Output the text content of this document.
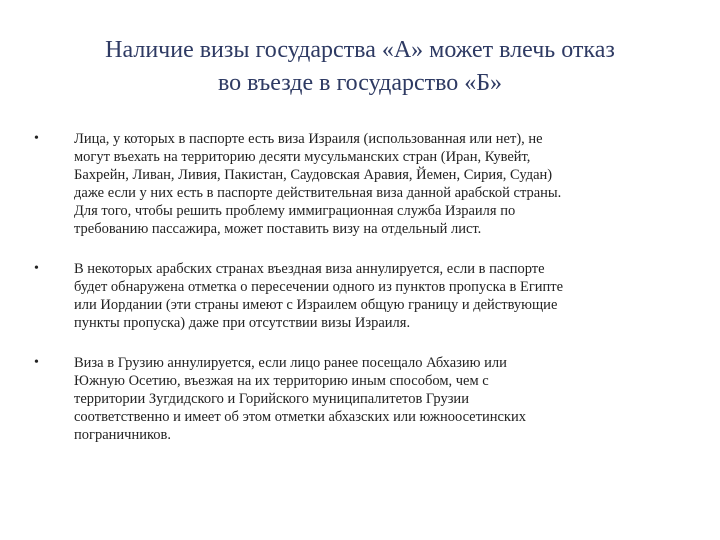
Наличие визы государства «А» может влечь отказ
во въезде в государство «Б»
•	Лица, у которых в паспорте есть виза Израиля (использованная или нет), не
могут въехать на территорию десяти мусульманских стран (Иран, Кувейт,
Бахрейн, Ливан, Ливия, Пакистан, Саудовская Аравия, Йемен, Сирия, Судан)
даже если у них есть в паспорте действительная виза данной арабской страны.
Для того, чтобы решить проблему иммиграционная служба Израиля по
требованию пассажира, может поставить визу на отдельный лист.
•	В некоторых арабских странах въездная виза аннулируется, если в паспорте
будет обнаружена отметка о пересечении одного из пунктов пропуска в Египте
или Иордании (эти страны имеют с Израилем общую границу и действующие
пункты пропуска) даже при отсутствии визы Израиля.
•	Виза в Грузию аннулируется, если лицо ранее посещало Абхазию или
Южную Осетию, въезжая на их территорию иным способом, чем с
территории Зугдидского и Горийского муниципалитетов Грузии
соответственно и имеет об этом отметки абхазских или южноосетинских
пограничников.
